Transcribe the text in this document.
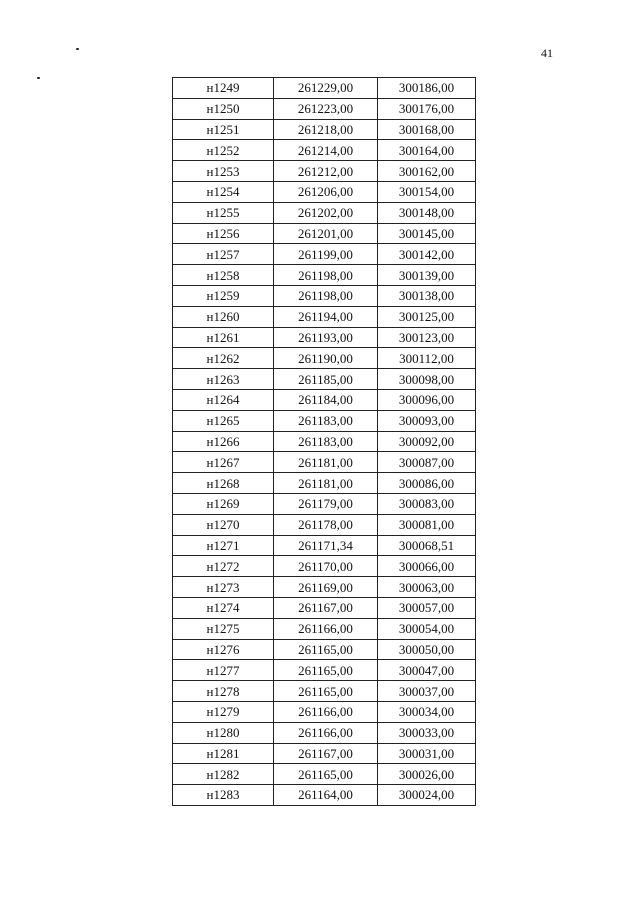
41
н1249	261229,00	300186,00
н1250	261223,00	300176,00
н1251	261218,00	300168,00
н1252	261214,00	300164,00
н1253	261212,00	300162,00
н1254	261206,00	300154,00
н1255	261202,00	300148,00
н1256	261201,00	300145,00
н1257	261199,00	300142,00
н1258	261198,00	300139,00
н1259	261198,00	300138,00
н1260	261194,00	300125,00
н1261	261193,00	300123,00
н1262	261190,00	300112,00
н1263	261185,00	300098,00
н1264	261184,00	300096,00
н1265	261183,00	300093,00
н1266	261183,00	300092,00
н1267	261181,00	300087,00
н1268	261181,00	300086,00
н1269	261179,00	300083,00
н1270	261178,00	300081,00
н1271	261171,34	300068,51
н1272	261170,00	300066,00
н1273	261169,00	300063,00
н1274	261167,00	300057,00
н1275	261166,00	300054,00
н1276	261165,00	300050,00
н1277	261165,00	300047,00
н1278	261165,00	300037,00
н1279	261166,00	300034,00
н1280	261166,00	300033,00
н1281	261167,00	300031,00
н1282	261165,00	300026,00
н1283	261164,00	300024,00
